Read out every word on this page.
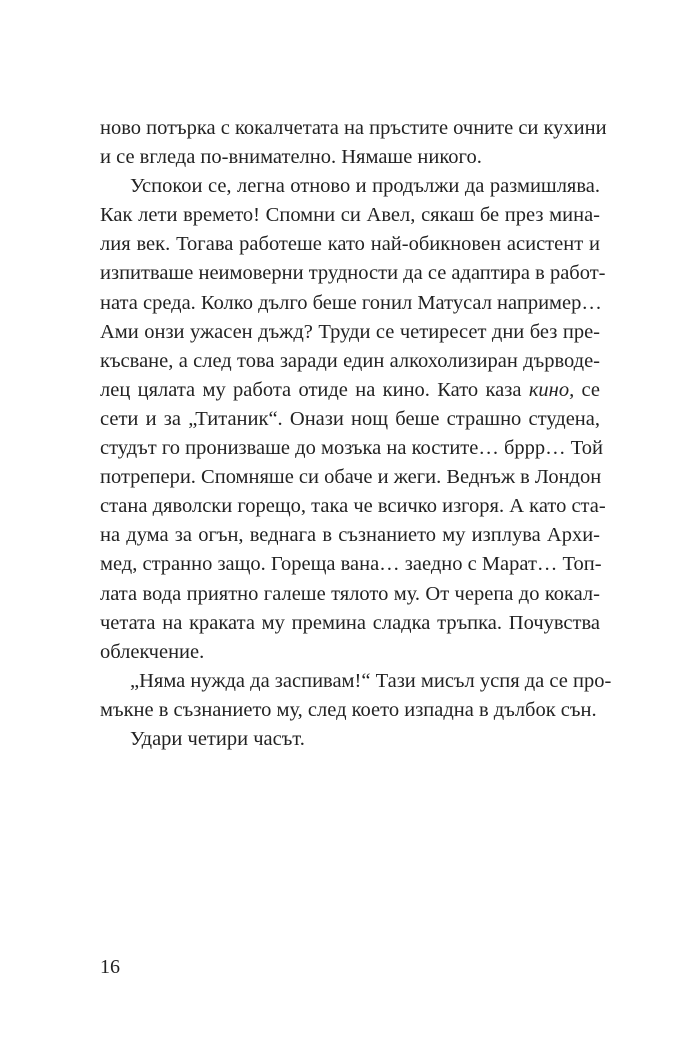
ново потърка с кокалчетата на пръстите очните си кухини
и се вгледа по-внимателно. Нямаше никого.
Успокои се, легна отново и продължи да размишлява.
Как лети времето! Спомни си Авел, сякаш бе през мина-
лия век. Тогава работеше като най-обикновен асистент и
изпитваше неимоверни трудности да се адаптира в работ-
ната среда. Колко дълго беше гонил Матусал например…
Ами онзи ужасен дъжд? Труди се четиресет дни без пре-
късване, а след това заради един алкохолизиран дърводе-
лец цялата му работа отиде на кино. Като каза кино, се
сети и за „Титаник“. Онази нощ беше страшно студена,
студът го пронизваше до мозъка на костите… бррр… Той
потрепери. Спомняше си обаче и жеги. Веднъж в Лондон
стана дяволски горещо, така че всичко изгоря. А като ста-
на дума за огън, веднага в съзнанието му изплува Архи-
мед, странно защо. Гореща вана… заедно с Марат… Топ-
лата вода приятно галеше тялото му. От черепа до кокал-
четата на краката му премина сладка тръпка. Почувства
облекчение.
„Няма нужда да заспивам!“ Тази мисъл успя да се про-
мъкне в съзнанието му, след което изпадна в дълбок сън.
Удари четири часът.
16
